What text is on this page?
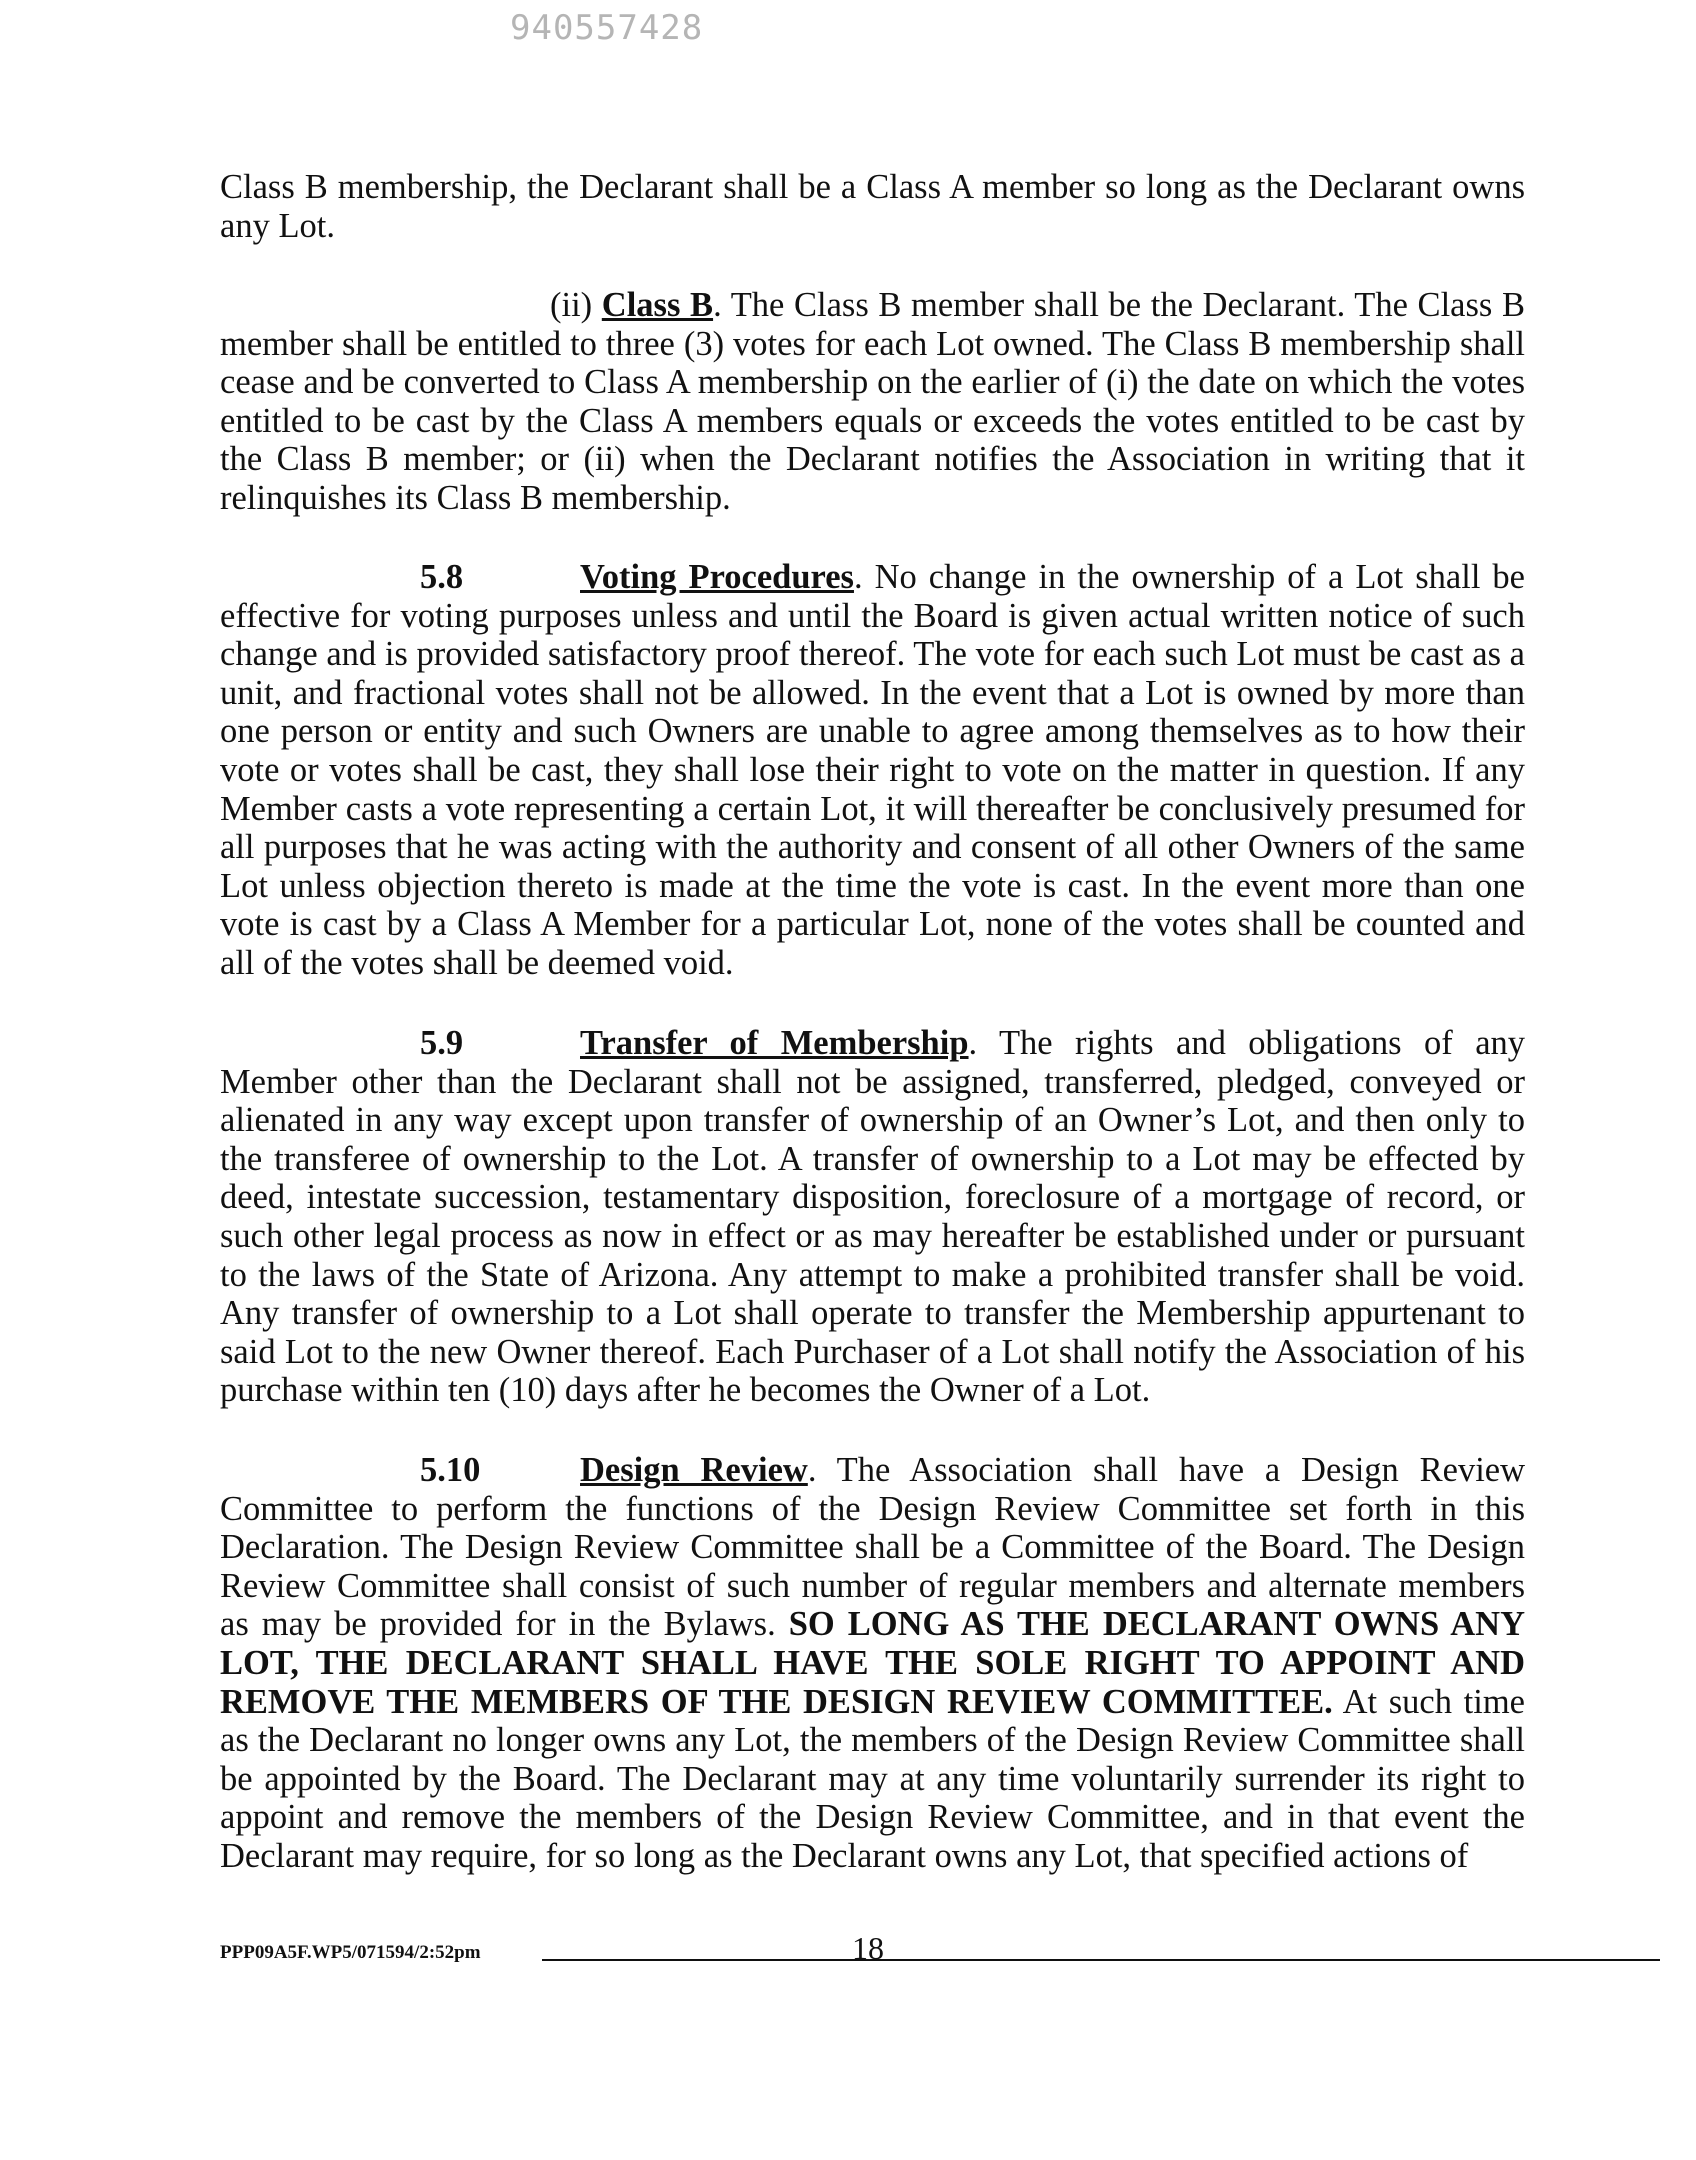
940557428

Class B membership, the Declarant shall be a Class A member so long as the Declarant owns any Lot.

(ii) Class B. The Class B member shall be the Declarant. The Class B member shall be entitled to three (3) votes for each Lot owned. The Class B membership shall cease and be converted to Class A membership on the earlier of (i) the date on which the votes entitled to be cast by the Class A members equals or exceeds the votes entitled to be cast by the Class B member; or (ii) when the Declarant notifies the Association in writing that it relinquishes its Class B membership.

5.8	Voting Procedures. No change in the ownership of a Lot shall be effective for voting purposes unless and until the Board is given actual written notice of such change and is provided satisfactory proof thereof. The vote for each such Lot must be cast as a unit, and fractional votes shall not be allowed. In the event that a Lot is owned by more than one person or entity and such Owners are unable to agree among themselves as to how their vote or votes shall be cast, they shall lose their right to vote on the matter in question. If any Member casts a vote representing a certain Lot, it will thereafter be conclusively presumed for all purposes that he was acting with the authority and consent of all other Owners of the same Lot unless objection thereto is made at the time the vote is cast. In the event more than one vote is cast by a Class A Member for a particular Lot, none of the votes shall be counted and all of the votes shall be deemed void.

5.9	Transfer of Membership. The rights and obligations of any Member other than the Declarant shall not be assigned, transferred, pledged, conveyed or alienated in any way except upon transfer of ownership of an Owner’s Lot, and then only to the transferee of ownership to the Lot. A transfer of ownership to a Lot may be effected by deed, intestate succession, testamentary disposition, foreclosure of a mortgage of record, or such other legal process as now in effect or as may hereafter be established under or pursuant to the laws of the State of Arizona. Any attempt to make a prohibited transfer shall be void. Any transfer of ownership to a Lot shall operate to transfer the Membership appurtenant to said Lot to the new Owner thereof. Each Purchaser of a Lot shall notify the Association of his purchase within ten (10) days after he becomes the Owner of a Lot.

5.10	Design Review. The Association shall have a Design Review Committee to perform the functions of the Design Review Committee set forth in this Declaration. The Design Review Committee shall be a Committee of the Board. The Design Review Committee shall consist of such number of regular members and alternate members as may be provided for in the Bylaws. SO LONG AS THE DECLARANT OWNS ANY LOT, THE DECLARANT SHALL HAVE THE SOLE RIGHT TO APPOINT AND REMOVE THE MEMBERS OF THE DESIGN REVIEW COMMITTEE. At such time as the Declarant no longer owns any Lot, the members of the Design Review Committee shall be appointed by the Board. The Declarant may at any time voluntarily surrender its right to appoint and remove the members of the Design Review Committee, and in that event the Declarant may require, for so long as the Declarant owns any Lot, that specified actions of

PPP09A5F.WP5/071594/2:52pm	18
